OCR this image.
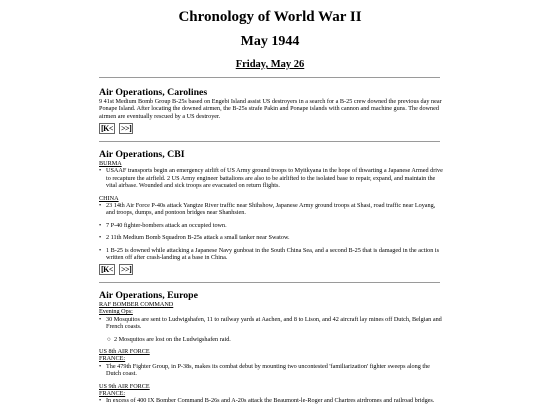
Chronology of World War II
May 1944
Friday, May 26
Air Operations, Carolines

9 41st Medium Bomb Group B-25s based on Engebi Island assist US destroyers in a search for a B-25 crew downed the previous day near Ponape Island. After locating the downed airmen, the B-25s strafe Pakin and Ponape islands with cannon and machine guns. The downed airmen are eventually rescued by a US destroyer.

[K< >>]
Air Operations, CBI
BURMA
• USAAF transports begin an emergency airlift of US Army ground troops to Myitkyana in the hope of thwarting a Japanese Armed drive to recapture the airfield. 2 US Army engineer battalions are also to be airlifted to the isolated base to repair, expand, and maintain the vital airbase. Wounded and sick troops are evacuated on return flights.
CHINA
• 23 14th Air Force P-40s attack Yangtze River traffic near Shihshow, Japanese Army ground troops at Shasi, road traffic near Loyang, and troops, dumps, and pontoon bridges near Shanhsien.
• 7 P-40 fighter-bombers attack an occupied town.
• 2 11th Medium Bomb Squadron B-25s attack a small tanker near Swatow.
• 1 B-25 is downed while attacking a Japanese Navy gunboat in the South China Sea, and a second B-25 that is damaged in the action is written off after crash-landing at a base in China.
[K< >>]
Air Operations, Europe
RAF BOMBER COMMAND
Evening Ops:
• 30 Mosquitos are sent to Ludwigshafen, 11 to railway yards at Aachen, and 8 to Lison, and 42 aircraft lay mines off Dutch, Belgian and French coasts.
○ 2 Mosquitos are lost on the Ludwigshafen raid.
US 8th AIR FORCE
FRANCE:
• The 479th Fighter Group, in P-38s, makes its combat debut by mounting two uncontested 'familiarization' fighter sweeps along the Dutch coast.
US 9th AIR FORCE
FRANCE:
• In excess of 400 IX Bomber Command B-26s and A-20s attack the Beaumont-le-Roger and Chartres airdromes and railroad bridges.
